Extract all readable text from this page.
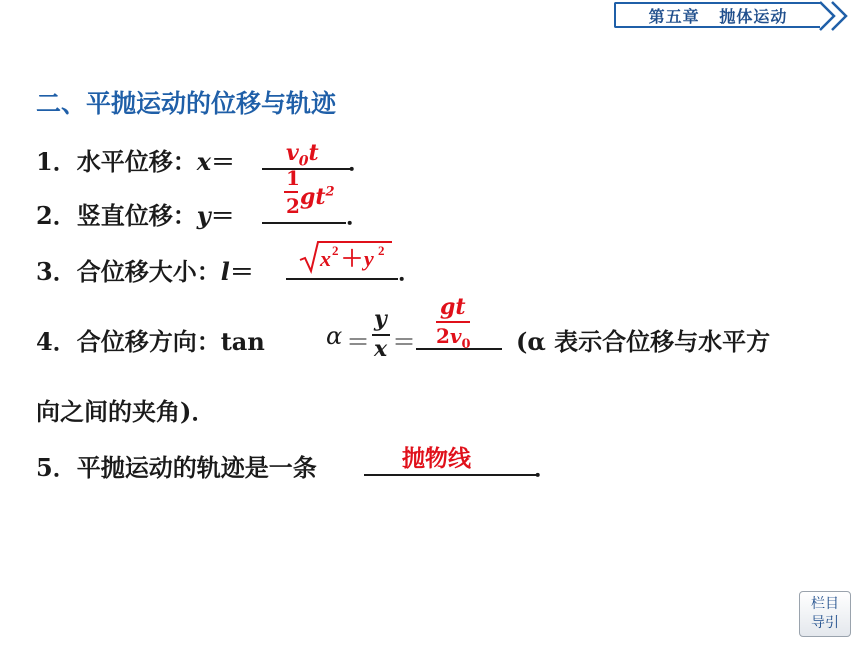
第五章
抛体运动
二、平抛运动的位移与轨迹
1．水平位移：x＝	．
$v_0t$
2．竖直位移：y＝	．
1
2 $gt^2$
3．合位移大小：l＝	．
x 2 ＋ y 2
4．合位移方向：tan	α ＝
y
x ＝
gt
$2v_0$ (α 表示合位移与水平方
向之间的夹角)．
5．平抛运动的轨迹是一条	．
抛物线
栏目
导引
